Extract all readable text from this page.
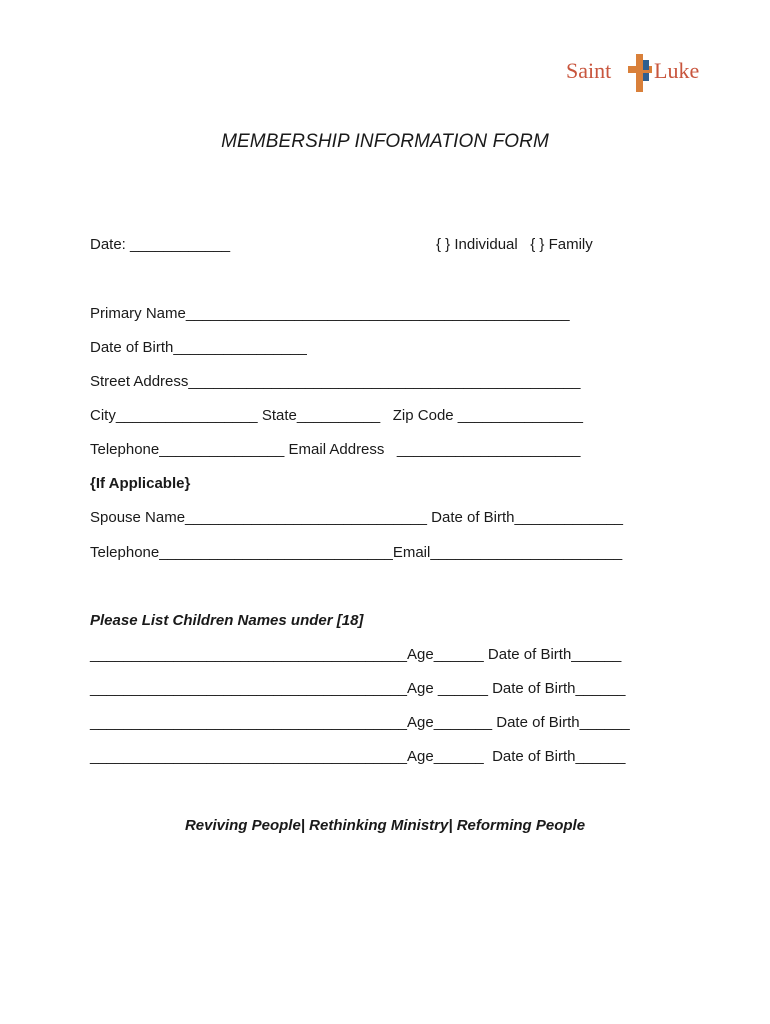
Saint Luke
MEMBERSHIP INFORMATION FORM
Date: ____________	{ } Individual   { } Family
Primary Name______________________________________________
Date of Birth________________
Street Address_______________________________________________
City_________________ State__________   Zip Code _______________
Telephone_______________ Email Address   ______________________
{If Applicable}
Spouse Name_____________________________ Date of Birth_____________
Telephone____________________________Email_______________________
Please List Children Names under [18]
______________________________________Age______ Date of Birth______
______________________________________Age ______ Date of Birth______
______________________________________Age_______ Date of Birth______
______________________________________Age______  Date of Birth______
Reviving People| Rethinking Ministry| Reforming People
